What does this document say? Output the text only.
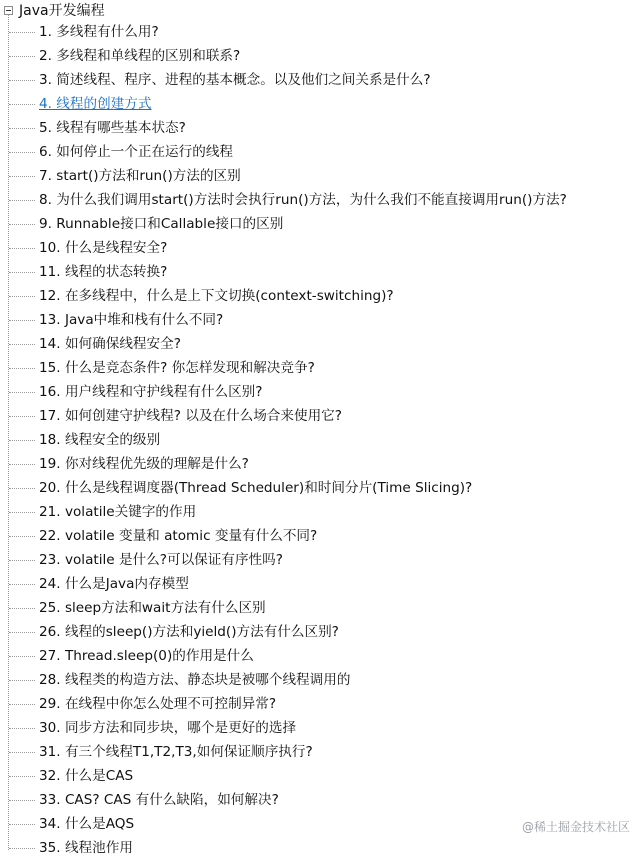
Java开发编程
1. 多线程有什么用?
2. 多线程和单线程的区别和联系?
3. 简述线程、程序、进程的基本概念。以及他们之间关系是什么?
4. 线程的创建方式
5. 线程有哪些基本状态?
6. 如何停止一个正在运行的线程
7. start()方法和run()方法的区别
8. 为什么我们调用start()方法时会执行run()方法，为什么我们不能直接调用run()方法?
9. Runnable接口和Callable接口的区别
10. 什么是线程安全?
11. 线程的状态转换?
12. 在多线程中，什么是上下文切换(context-switching)?
13. Java中堆和栈有什么不同?
14. 如何确保线程安全?
15. 什么是竞态条件? 你怎样发现和解决竞争?
16. 用户线程和守护线程有什么区别?
17. 如何创建守护线程? 以及在什么场合来使用它?
18. 线程安全的级别
19. 你对线程优先级的理解是什么?
20. 什么是线程调度器(Thread Scheduler)和时间分片(Time Slicing)?
21. volatile关键字的作用
22. volatile 变量和 atomic 变量有什么不同?
23. volatile 是什么?可以保证有序性吗?
24. 什么是Java内存模型
25. sleep方法和wait方法有什么区别
26. 线程的sleep()方法和yield()方法有什么区别?
27. Thread.sleep(0)的作用是什么
28. 线程类的构造方法、静态块是被哪个线程调用的
29. 在线程中你怎么处理不可控制异常?
30. 同步方法和同步块，哪个是更好的选择
31. 有三个线程T1,T2,T3,如何保证顺序执行?
32. 什么是CAS
33. CAS? CAS 有什么缺陷，如何解决?
34. 什么是AQS
35. 线程池作用
@稀土掘金技术社区
